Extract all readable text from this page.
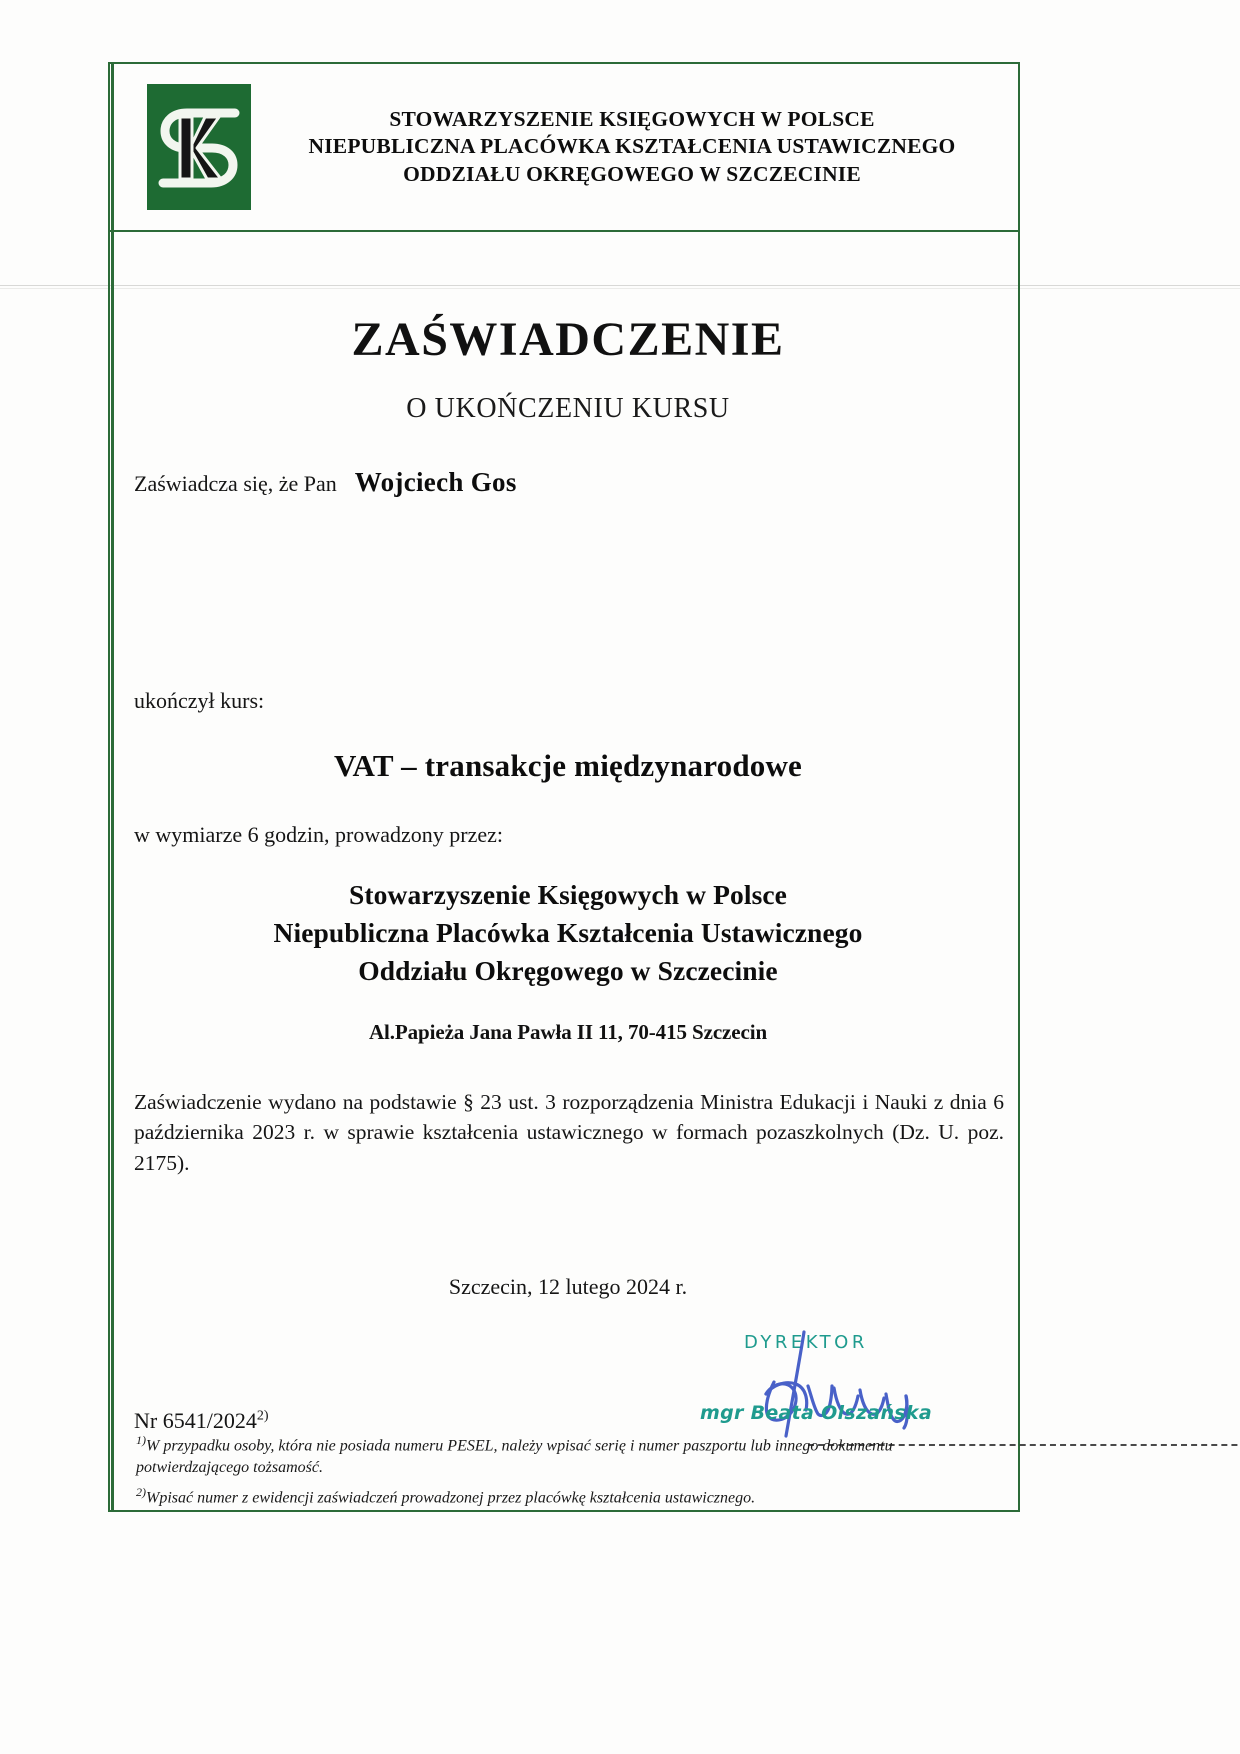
STOWARZYSZENIE KSIĘGOWYCH W POLSCE
NIEPUBLICZNA PLACÓWKA KSZTAŁCENIA USTAWICZNEGO
ODDZIAŁU OKRĘGOWEGO W SZCZECINIE
ZAŚWIADCZENIE
O UKOŃCZENIU KURSU
Zaświadcza się, że Pan Wojciech Gos
ukończył kurs:
VAT – transakcje międzynarodowe
w wymiarze 6 godzin, prowadzony przez:
Stowarzyszenie Księgowych w Polsce
Niepubliczna Placówka Kształcenia Ustawicznego
Oddziału Okręgowego w Szczecinie
Al.Papieża Jana Pawła II 11, 70-415 Szczecin
Zaświadczenie wydano na podstawie § 23 ust. 3 rozporządzenia Ministra Edukacji i Nauki z dnia 6 października 2023 r. w sprawie kształcenia ustawicznego w formach pozaszkolnych (Dz. U. poz. 2175).
Szczecin, 12 lutego 2024 r.
Nr 6541/2024$^{2)}$
DYREKTOR
mgr Beata Olszańska
$^{1)}$W przypadku osoby, która nie posiada numeru PESEL, należy wpisać serię i numer paszportu lub innego dokumentu potwierdzającego tożsamość.
$^{2)}$Wpisać numer z ewidencji zaświadczeń prowadzonej przez placówkę kształcenia ustawicznego.
